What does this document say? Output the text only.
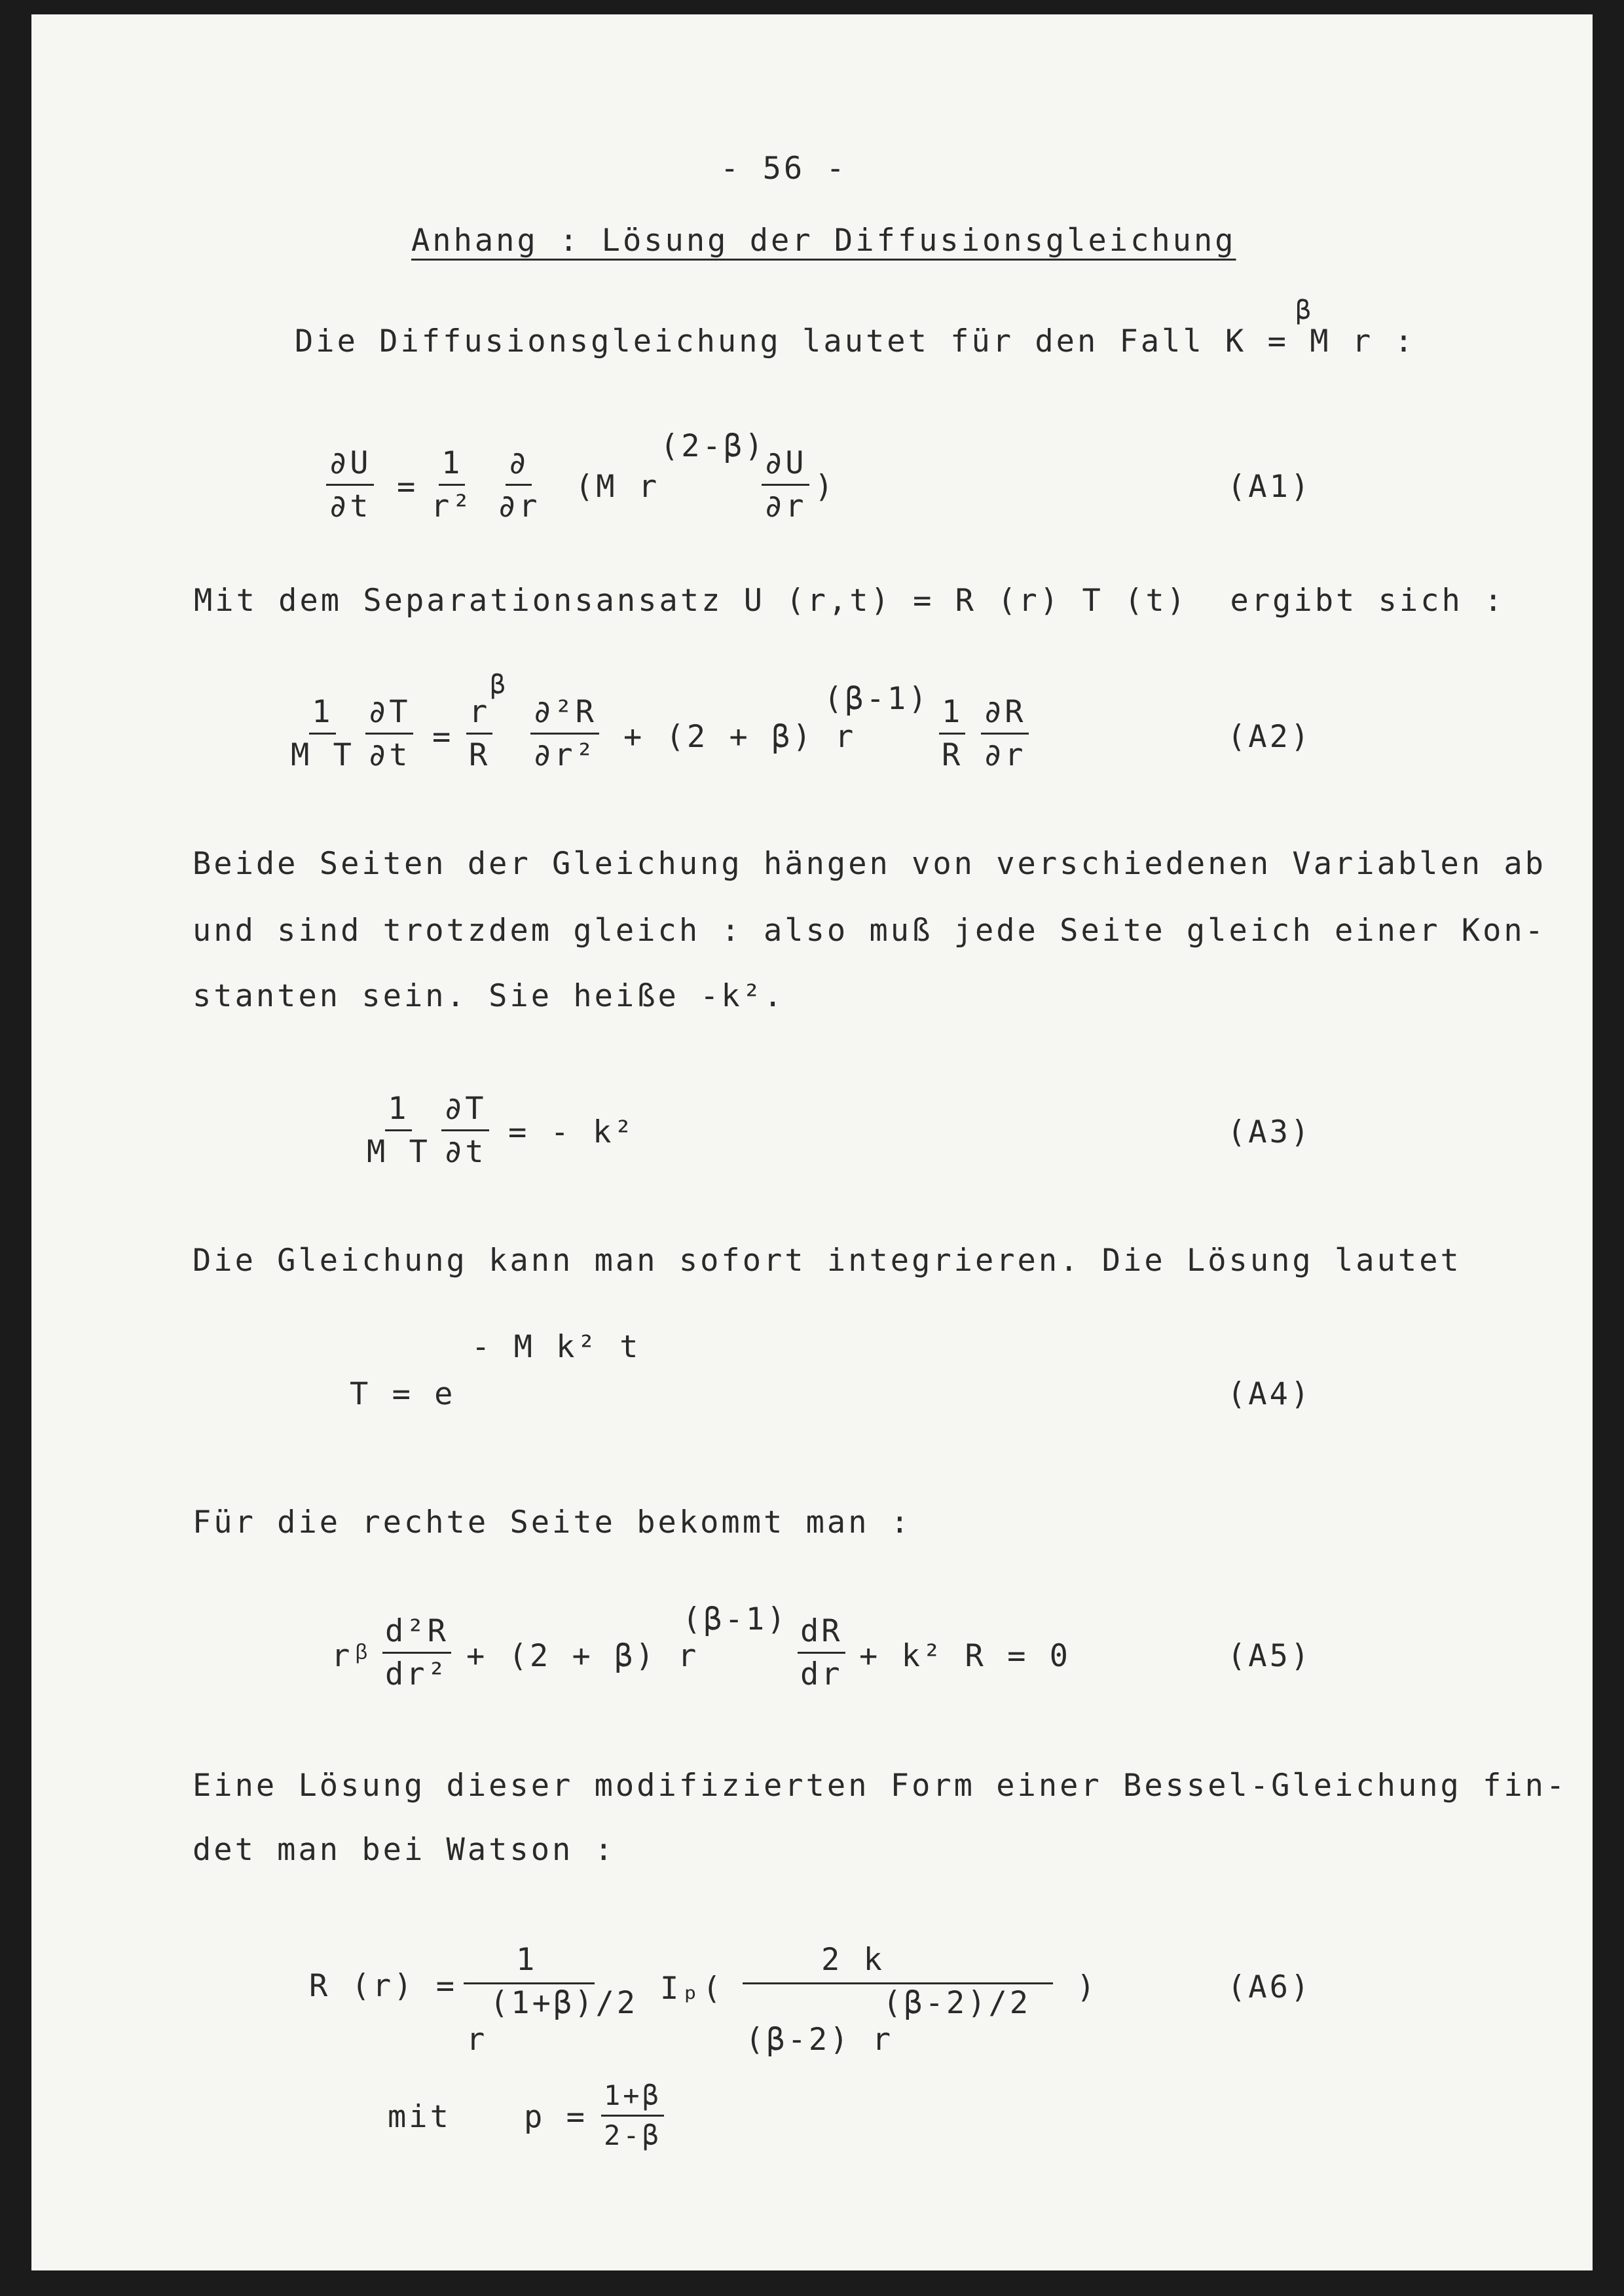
- 56 -
Anhang : Lösung der Diffusionsgleichung
Die Diffusionsgleichung lautet für den Fall K = M r :
β
$\frac{\partial U}{\partial t} = \frac{1}{\text{r²}}$ ∂
∂r
(M r
(2-β)
$\frac{\partial U}{\partial r}$ )	(A1)
Mit dem Separationsansatz U (r,t) = R (r) T (t)  ergibt sich :
$\frac{1}{\text{M T}} \frac{\partial T}{\partial t}$ =
β
$\frac{r}{R} \frac{\text{∂²R}}{\text{∂r²}} + (2 + \beta)$ r
$(\beta-1) \frac{1}{R} \frac{\partial R}{\partial r}$	(A2)
Beide Seiten der Gleichung hängen von verschiedenen Variablen ab
und sind trotzdem gleich : also muß jede Seite gleich einer Kon-
stanten sein. Sie heiße -k².
$\frac{1}{\text{M T}} \frac{\partial T}{\partial t}$ = - k²	(A3)
Die Gleichung kann man sofort integrieren. Die Lösung lautet
T = e
- M k² t
(A4)
Für die rechte Seite bekommt man :
rᵝ $\frac{\text{d²R}}{\text{dr²}} + (2 + \beta)$ r
$(\beta-1) \frac{dR}{dr} + k^2$ R = 0	(A5)
Eine Lösung dieser modifizierten Form einer Bessel-Gleichung fin-
det man bei Watson :
R (r) =
1
(1+β)/2
r
Iₚ(
2 k
(β-2)/2
(β-2) r
)	(A6)
mit $p = \frac{1+\beta}{2-\beta}$
